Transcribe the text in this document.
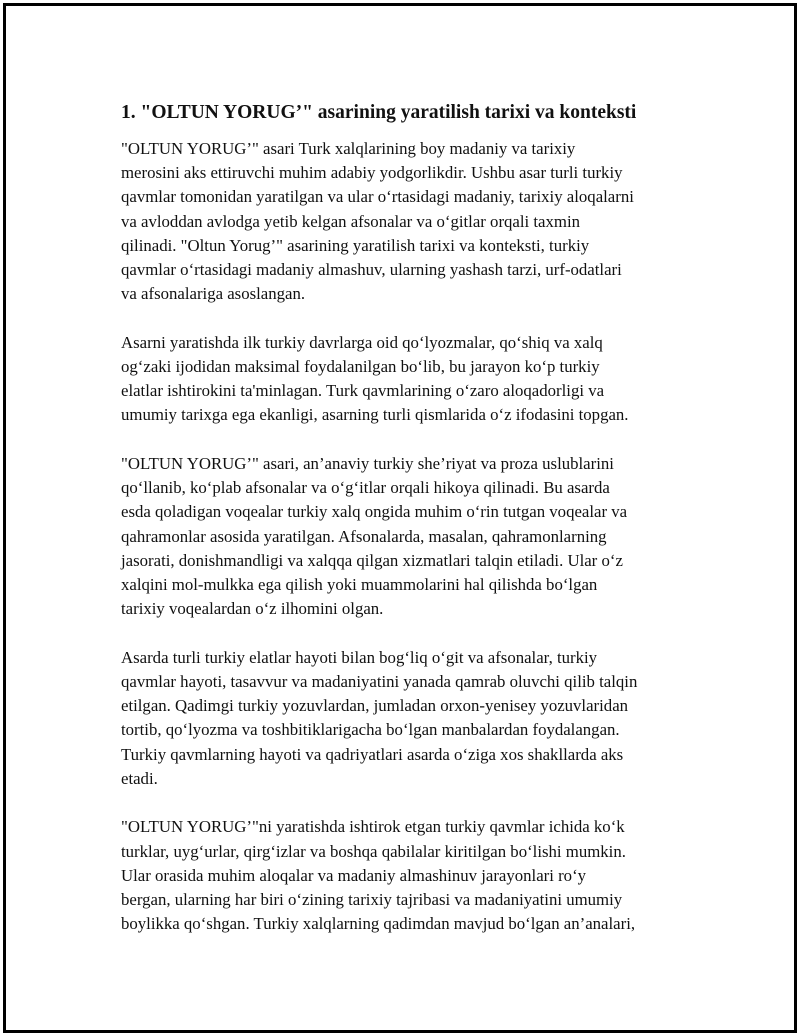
1. "OLTUN YORUG’" asarining yaratilish tarixi va konteksti

"OLTUN YORUG’" asari Turk xalqlarining boy madaniy va tarixiy
merosini aks ettiruvchi muhim adabiy yodgorlikdir. Ushbu asar turli turkiy
qavmlar tomonidan yaratilgan va ular o‘rtasidagi madaniy, tarixiy aloqalarni
va avloddan avlodga yetib kelgan afsonalar va o‘gitlar orqali taxmin
qilinadi. "Oltun Yorug’" asarining yaratilish tarixi va konteksti, turkiy
qavmlar o‘rtasidagi madaniy almashuv, ularning yashash tarzi, urf-odatlari
va afsonalariga asoslangan.

Asarni yaratishda ilk turkiy davrlarga oid qo‘lyozmalar, qo‘shiq va xalq
og‘zaki ijodidan maksimal foydalanilgan bo‘lib, bu jarayon ko‘p turkiy
elatlar ishtirokini ta'minlagan. Turk qavmlarining o‘zaro aloqadorligi va
umumiy tarixga ega ekanligi, asarning turli qismlarida o‘z ifodasini topgan.

"OLTUN YORUG’" asari, an’anaviy turkiy she’riyat va proza uslublarini
qo‘llanib, ko‘plab afsonalar va o‘g‘itlar orqali hikoya qilinadi. Bu asarda
esda qoladigan voqealar turkiy xalq ongida muhim o‘rin tutgan voqealar va
qahramonlar asosida yaratilgan. Afsonalarda, masalan, qahramonlarning
jasorati, donishmandligi va xalqqa qilgan xizmatlari talqin etiladi. Ular o‘z
xalqini mol-mulkka ega qilish yoki muammolarini hal qilishda bo‘lgan
tarixiy voqealardan o‘z ilhomini olgan.

Asarda turli turkiy elatlar hayoti bilan bog‘liq o‘git va afsonalar, turkiy
qavmlar hayoti, tasavvur va madaniyatini yanada qamrab oluvchi qilib talqin
etilgan. Qadimgi turkiy yozuvlardan, jumladan orxon-yenisey yozuvlaridan
tortib, qo‘lyozma va toshbitiklarigacha bo‘lgan manbalardan foydalangan.
Turkiy qavmlarning hayoti va qadriyatlari asarda o‘ziga xos shakllarda aks
etadi.

"OLTUN YORUG’"ni yaratishda ishtirok etgan turkiy qavmlar ichida ko‘k
turklar, uyg‘urlar, qirg‘izlar va boshqa qabilalar kiritilgan bo‘lishi mumkin.
Ular orasida muhim aloqalar va madaniy almashinuv jarayonlari ro‘y
bergan, ularning har biri o‘zining tarixiy tajribasi va madaniyatini umumiy
boylikka qo‘shgan. Turkiy xalqlarning qadimdan mavjud bo‘lgan an’analari,
